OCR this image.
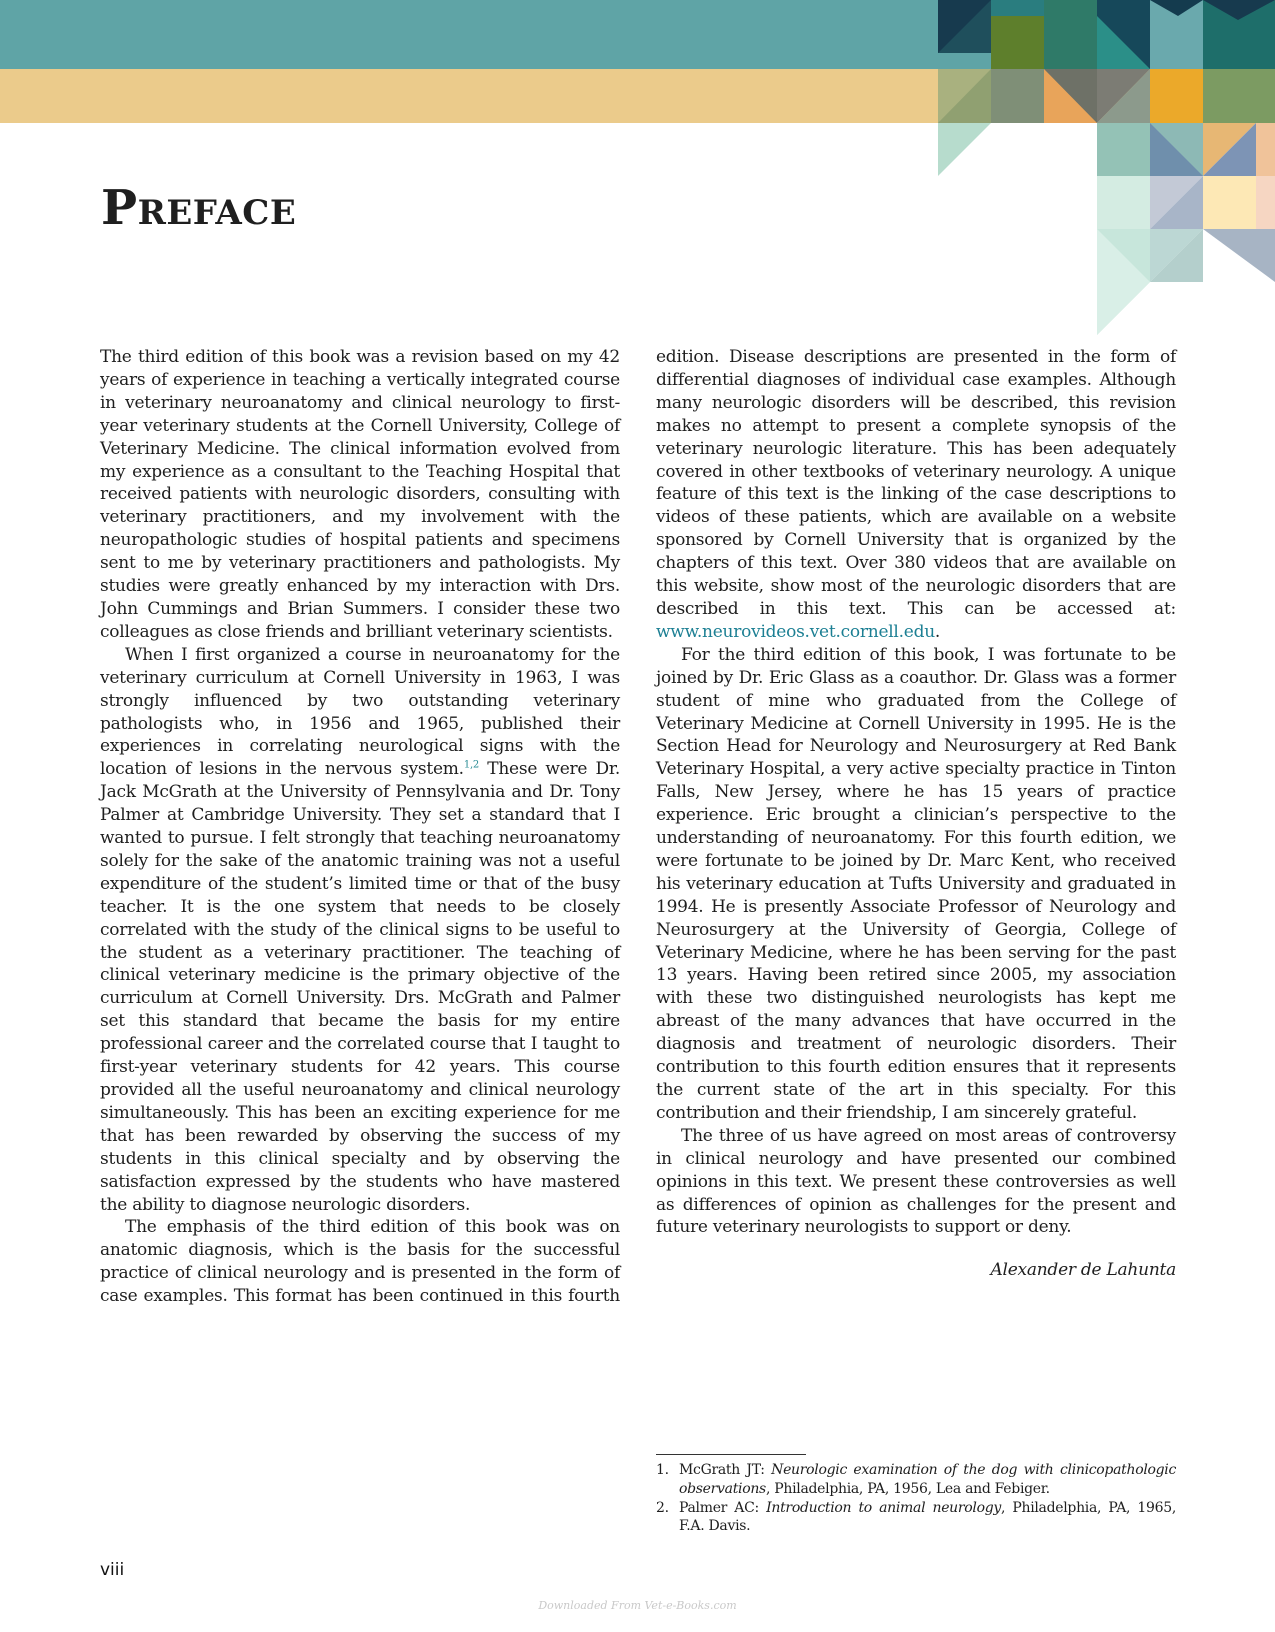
Preface

The third edition of this book was a revision based on my 42 years of experience in teaching a vertically integrated course in veterinary neuroanatomy and clinical neurology to first-year veterinary students at the Cornell University, College of Veterinary Medicine. The clinical information evolved from my experience as a consultant to the Teaching Hospital that received patients with neurologic disorders, consulting with veterinary practitioners, and my involvement with the neuropathologic studies of hospital patients and specimens sent to me by veterinary practitioners and pathologists. My studies were greatly enhanced by my interaction with Drs. John Cummings and Brian Summers. I consider these two colleagues as close friends and brilliant veterinary scientists.

When I first organized a course in neuroanatomy for the veterinary curriculum at Cornell University in 1963, I was strongly influenced by two outstanding veterinary pathologists who, in 1956 and 1965, published their experiences in correlating neurological signs with the location of lesions in the nervous system.$^{1,2}$ These were Dr. Jack McGrath at the University of Pennsylvania and Dr. Tony Palmer at Cambridge University. They set a standard that I wanted to pursue. I felt strongly that teaching neuroanatomy solely for the sake of the anatomic training was not a useful expenditure of the student’s limited time or that of the busy teacher. It is the one system that needs to be closely correlated with the study of the clinical signs to be useful to the student as a veterinary practitioner. The teaching of clinical veterinary medicine is the primary objective of the curriculum at Cornell University. Drs. McGrath and Palmer set this standard that became the basis for my entire professional career and the correlated course that I taught to first-year veterinary students for 42 years. This course provided all the useful neuroanatomy and clinical neurology simultaneously. This has been an exciting experience for me that has been rewarded by observing the success of my students in this clinical specialty and by observing the satisfaction expressed by the students who have mastered the ability to diagnose neurologic disorders.

The emphasis of the third edition of this book was on anatomic diagnosis, which is the basis for the successful practice of clinical neurology and is presented in the form of case examples. This format has been continued in this fourth

edition. Disease descriptions are presented in the form of differential diagnoses of individual case examples. Although many neurologic disorders will be described, this revision makes no attempt to present a complete synopsis of the veterinary neurologic literature. This has been adequately covered in other textbooks of veterinary neurology. A unique feature of this text is the linking of the case descriptions to videos of these patients, which are available on a website sponsored by Cornell University that is organized by the chapters of this text. Over 380 videos that are available on this website, show most of the neurologic disorders that are described in this text. This can be accessed at: www.neurovideos.vet.cornell.edu.

For the third edition of this book, I was fortunate to be joined by Dr. Eric Glass as a coauthor. Dr. Glass was a former student of mine who graduated from the College of Veterinary Medicine at Cornell University in 1995. He is the Section Head for Neurology and Neurosurgery at Red Bank Veterinary Hospital, a very active specialty practice in Tinton Falls, New Jersey, where he has 15 years of practice experience. Eric brought a clinician’s perspective to the understanding of neuroanatomy. For this fourth edition, we were fortunate to be joined by Dr. Marc Kent, who received his veterinary education at Tufts University and graduated in 1994. He is presently Associate Professor of Neurology and Neurosurgery at the University of Georgia, College of Veterinary Medicine, where he has been serving for the past 13 years. Having been retired since 2005, my association with these two distinguished neurologists has kept me abreast of the many advances that have occurred in the diagnosis and treatment of neurologic disorders. Their contribution to this fourth edition ensures that it represents the current state of the art in this specialty. For this contribution and their friendship, I am sincerely grateful.

The three of us have agreed on most areas of controversy in clinical neurology and have presented our combined opinions in this text. We present these controversies as well as differences of opinion as challenges for the present and future veterinary neurologists to support or deny.

Alexander de Lahunta
1. McGrath JT: Neurologic examination of the dog with clinicopathologic observations, Philadelphia, PA, 1956, Lea and Febiger.
2. Palmer AC: Introduction to animal neurology, Philadelphia, PA, 1965, F.A. Davis.
viii
Downloaded From Vet-e-Books.com
